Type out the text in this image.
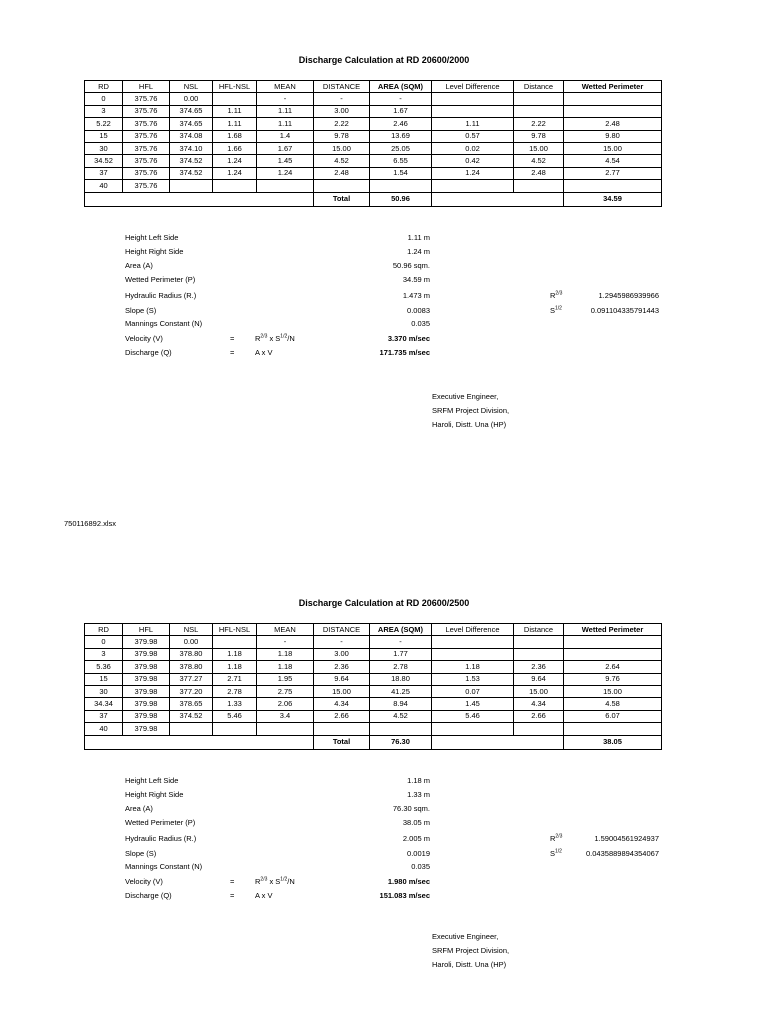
Discharge Calculation at RD 20600/2000
RD	HFL	NSL	HFL-NSL	MEAN	DISTANCE	AREA (SQM)	Level Difference	Distance	Wetted Perimeter
0	375.76	0.00		-	-	-			
3	375.76	374.65	1.11	1.11	3.00	1.67			
5.22	375.76	374.65	1.11	1.11	2.22	2.46	1.11	2.22	2.48
15	375.76	374.08	1.68	1.4	9.78	13.69	0.57	9.78	9.80
30	375.76	374.10	1.66	1.67	15.00	25.05	0.02	15.00	15.00
34.52	375.76	374.52	1.24	1.45	4.52	6.55	0.42	4.52	4.54
37	375.76	374.52	1.24	1.24	2.48	1.54	1.24	2.48	2.77
40	375.76								
					Total	50.96			34.59
Height Left Side	1.11 m
Height Right Side	1.24 m
Area (A)	50.96 sqm.
Wetted Perimeter (P)	34.59 m
Hydraulic Radius (R.)	1.473 m	$R^{2/3}$	1.2945986939966
Slope (S)	0.0083	$S^{1/2}$	0.091104335791443
Mannings Constant (N)	0.035
Velocity (V)	=	$R^{2/3}$ x $S^{1/2}/N$	3.370 m/sec
Discharge (Q)	=	A x V	171.735 m/sec
Executive Engineer,
SRFM Project Division,
Haroli, Distt. Una (HP)
750116892.xlsx
Discharge Calculation at RD 20600/2500
RD	HFL	NSL	HFL-NSL	MEAN	DISTANCE	AREA (SQM)	Level Difference	Distance	Wetted Perimeter
0	379.98	0.00		-	-	-			
3	379.98	378.80	1.18	1.18	3.00	1.77			
5.36	379.98	378.80	1.18	1.18	2.36	2.78	1.18	2.36	2.64
15	379.98	377.27	2.71	1.95	9.64	18.80	1.53	9.64	9.76
30	379.98	377.20	2.78	2.75	15.00	41.25	0.07	15.00	15.00
34.34	379.98	378.65	1.33	2.06	4.34	8.94	1.45	4.34	4.58
37	379.98	374.52	5.46	3.4	2.66	4.52	5.46	2.66	6.07
40	379.98								
					Total	76.30			38.05
Height Left Side	1.18 m
Height Right Side	1.33 m
Area (A)	76.30 sqm.
Wetted Perimeter (P)	38.05 m
Hydraulic Radius (R.)	2.005 m	$R^{2/3}$	1.59004561924937
Slope (S)	0.0019	$S^{1/2}$	0.0435889894354067
Mannings Constant (N)	0.035
Velocity (V)	=	$R^{2/3}$ x $S^{1/2}/N$	1.980 m/sec
Discharge (Q)	=	A x V	151.083 m/sec
Executive Engineer,
SRFM Project Division,
Haroli, Distt. Una (HP)
